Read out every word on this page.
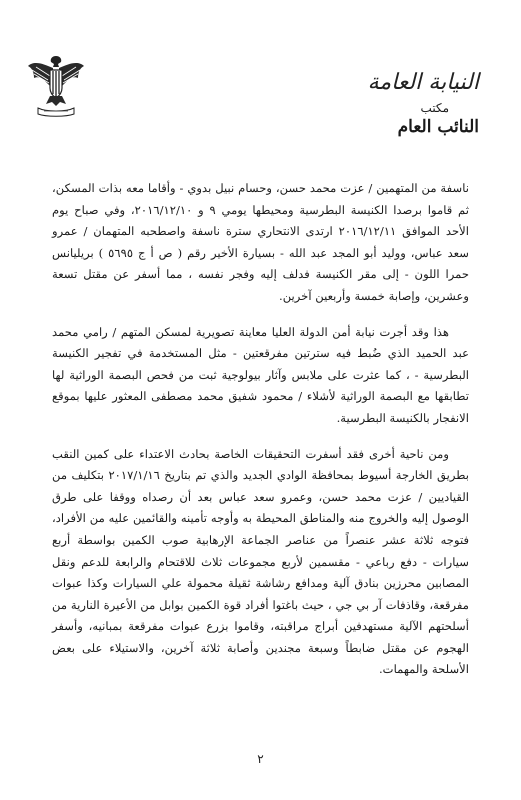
النيابة العامة
مكتب
النائب العام

ناسفة من المتهمين / عزت محمد حسن، وحسام نبيل بدوي - وأقاما معه بذات المسكن، ثم قاموا برصدا الكنيسة البطرسية ومحيطها يومي ٩ و ٢٠١٦/١٢/١٠، وفي صباح يوم الأحد الموافق ٢٠١٦/١٢/١١ ارتدى الانتحاري سترة ناسفة واصطحبه المتهمان / عمرو سعد عباس، ووليد أبو المجد عبد الله - بسيارة الأخير رقم ( ص أ ج ٥٦٩٥ ) بريليانس حمرا اللون - إلى مقر الكنيسة فدلف إليه وفجر نفسه ، مما أسفر عن مقتل تسعة وعشرين، وإصابة خمسة وأربعين آخرين.

هذا وقد أجرت نيابة أمن الدولة العليا معاينة تصويرية لمسكن المتهم / رامي محمد عبد الحميد الذي ضُبط فيه سترتين مفرقعتين - مثل المستخدمة في تفجير الكنيسة البطرسية - ، كما عثرت على ملابس وآثار بيولوجية ثبت من فحص البصمة الوراثية لها تطابقها مع البصمة الوراثية لأشلاء / محمود شفيق محمد مصطفى المعثور عليها بموقع الانفجار بالكنيسة البطرسية.

ومن ناحية أخرى فقد أسفرت التحقيقات الخاصة بحادث الاعتداء على كمين النقب بطريق الخارجة أسيوط بمحافظة الوادي الجديد والذي تم بتاريخ ٢٠١٧/١/١٦ بتكليف من القياديين / عزت محمد حسن، وعمرو سعد عباس بعد أن رصداه ووقفا على طرق الوصول إليه والخروج منه والمناطق المحيطة به وأوجه تأمينه والقائمين عليه من الأفراد، فتوجه ثلاثة عشر عنصراً من عناصر الجماعة الإرهابية صوب الكمين بواسطة أربع سيارات - دفع رباعي - مقسمين لأربع مجموعات ثلاث للاقتحام والرابعة للدعم ونقل المصابين محرزين بنادق آلية ومدافع رشاشة ثقيلة محمولة علي السيارات وكذا عبوات مفرقعة، وقاذفات آر بي جي ، حيث باغتوا أفراد قوة الكمين بوابل من الأعيرة النارية من أسلحتهم الآلية مستهدفين أبراج مراقبته، وقاموا بزرع عبوات مفرقعة بمبانيه، وأسفر الهجوم عن مقتل ضابطاً وسبعة مجندين وأصابة ثلاثة آخرين، والاستيلاء على بعض الأسلحة والمهمات.

٢
